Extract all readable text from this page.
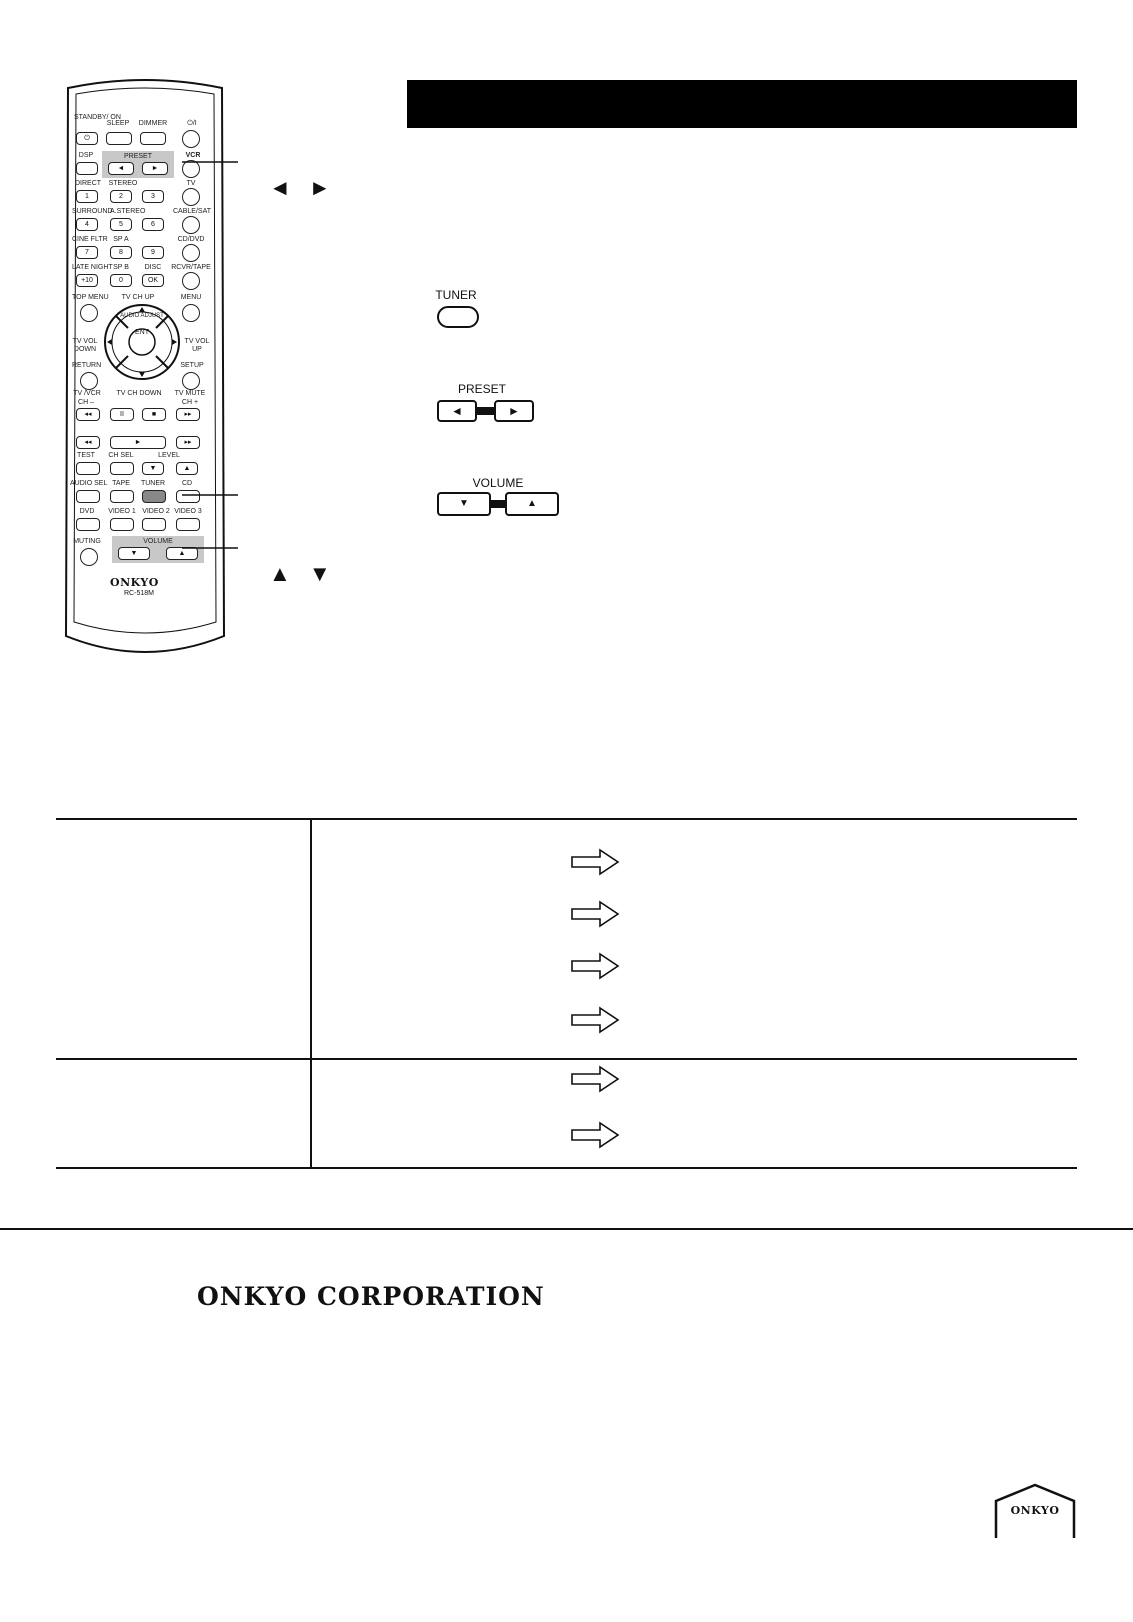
STANDBY/ ON
⏻
SLEEP	DIMMER	⏻/I
DSP	PRESET
◄	►
VCR
DIRECT STEREO	TV
1	2	3
SURROUND
A.STEREO	CABLE/SAT
4	5	6
CINE FLTR SP A	CD/DVD
7	8	9
LATE NIGHT SP B	DISC	RCVR/TAPE
+10	0	OK
TOP MENU	TV CH UP	MENU
ENT
AUDIO ADJUST
TV VOL DOWN
TV VOL UP
RETURN	SETUP
TV /VCR	TV CH DOWN	TV MUTE
CH –	CH +
◂◂	II	■	▸▸
◂◂	►	▸▸
TEST	CH SEL	LEVEL
▼	▲
AUDIO SEL TAPE	TUNER	CD
DVD	VIDEO 1 VIDEO 2 VIDEO 3
MUTING	VOLUME
▼	▲
ONKYO
RC-518M
◄ ►
▲ ▼
TUNER
PRESET
◄	►
VOLUME
▼	▲
ONKYO CORPORATION
ONKYO
